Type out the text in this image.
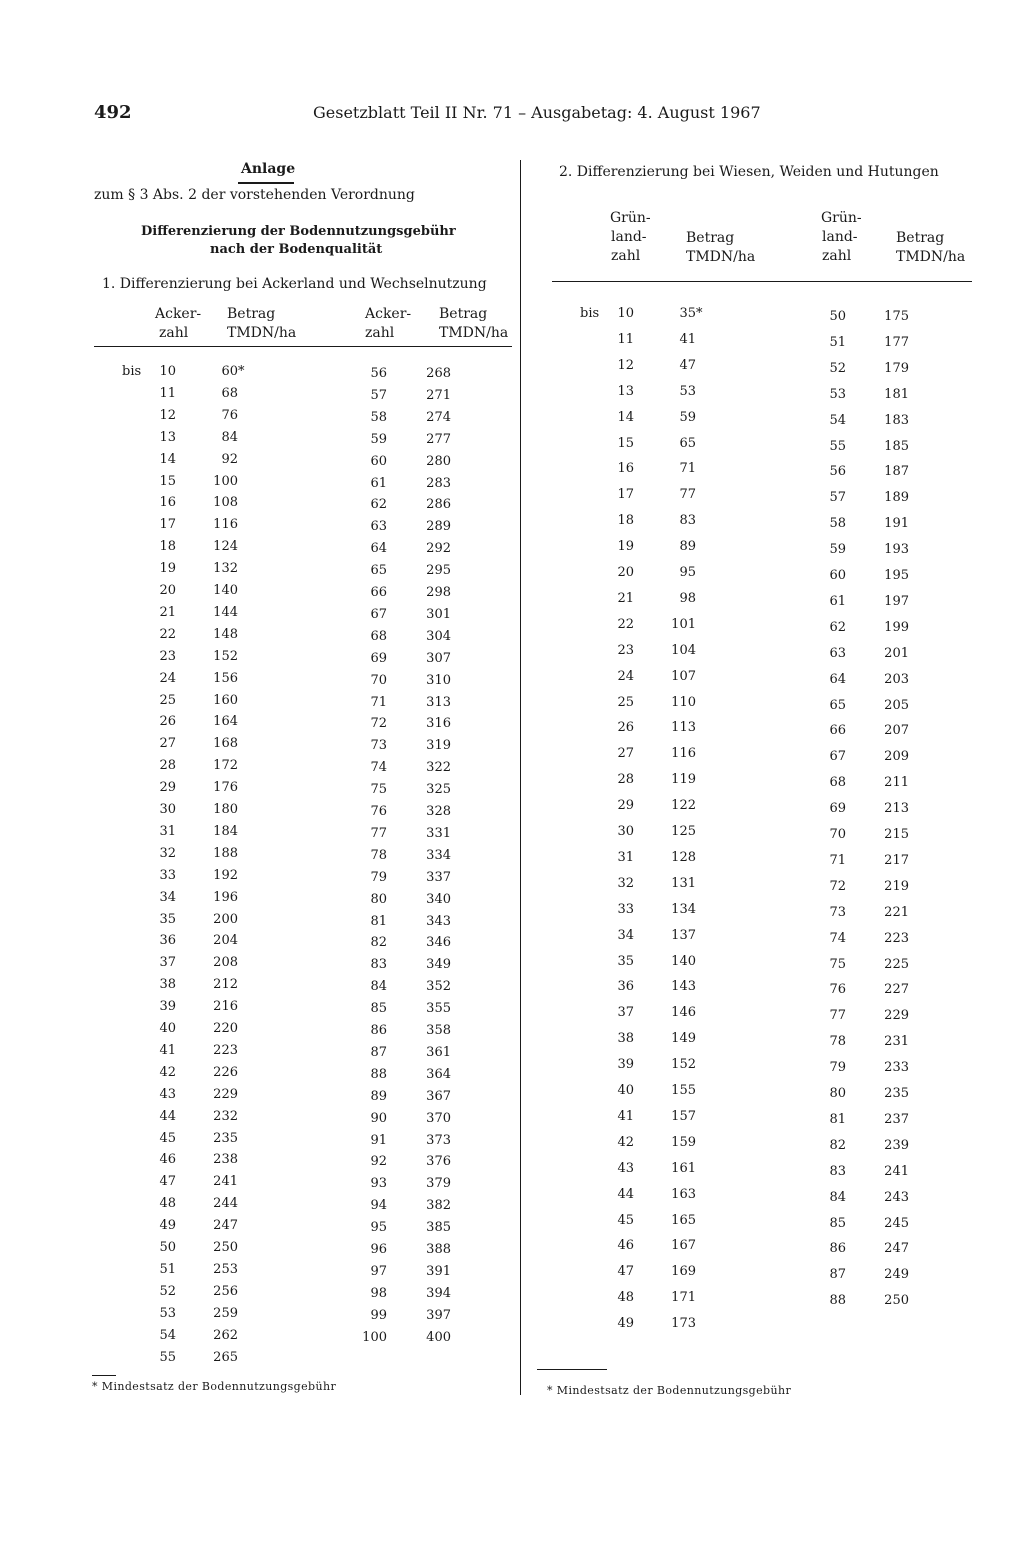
492	Gesetzblatt Teil II Nr. 71 – Ausgabetag: 4. August 1967
Anlage
zum § 3 Abs. 2 der vorstehenden Verordnung
Differenzierung der Bodennutzungsgebühr
nach der Bodenqualität
1. Differenzierung bei Ackerland und Wechselnutzung
Acker-
zahl
Betrag
TMDN/ha
Acker-
zahl
Betrag
TMDN/ha
bis	10	60 *
11	68
12	76
13	84
14	92
15	100
16	108
17	116
18	124
19	132
20	140
21	144
22	148
23	152
24	156
25	160
26	164
27	168
28	172
29	176
30	180
31	184
32	188
33	192
34	196
35	200
36	204
37	208
38	212
39	216
40	220
41	223
42	226
43	229
44	232
45	235
46	238
47	241
48	244
49	247
50	250
51	253
52	256
53	259
54	262
55	265
56	268
57	271
58	274
59	277
60	280
61	283
62	286
63	289
64	292
65	295
66	298
67	301
68	304
69	307
70	310
71	313
72	316
73	319
74	322
75	325
76	328
77	331
78	334
79	337
80	340
81	343
82	346
83	349
84	352
85	355
86	358
87	361
88	364
89	367
90	370
91	373
92	376
93	379
94	382
95	385
96	388
97	391
98	394
99	397
100	400
* Mindestsatz der Bodennutzungsgebühr
2. Differenzierung bei Wiesen, Weiden und Hutungen
Grün-
land-
zahl
Betrag
TMDN/ha
Grün-
land-
zahl
Betrag
TMDN/ha
bis	10	35 *
11	41
12	47
13	53
14	59
15	65
16	71
17	77
18	83
19	89
20	95
21	98
22	101
23	104
24	107
25	110
26	113
27	116
28	119
29	122
30	125
31	128
32	131
33	134
34	137
35	140
36	143
37	146
38	149
39	152
40	155
41	157
42	159
43	161
44	163
45	165
46	167
47	169
48	171
49	173
50	175
51	177
52	179
53	181
54	183
55	185
56	187
57	189
58	191
59	193
60	195
61	197
62	199
63	201
64	203
65	205
66	207
67	209
68	211
69	213
70	215
71	217
72	219
73	221
74	223
75	225
76	227
77	229
78	231
79	233
80	235
81	237
82	239
83	241
84	243
85	245
86	247
87	249
88	250
* Mindestsatz der Bodennutzungsgebühr
